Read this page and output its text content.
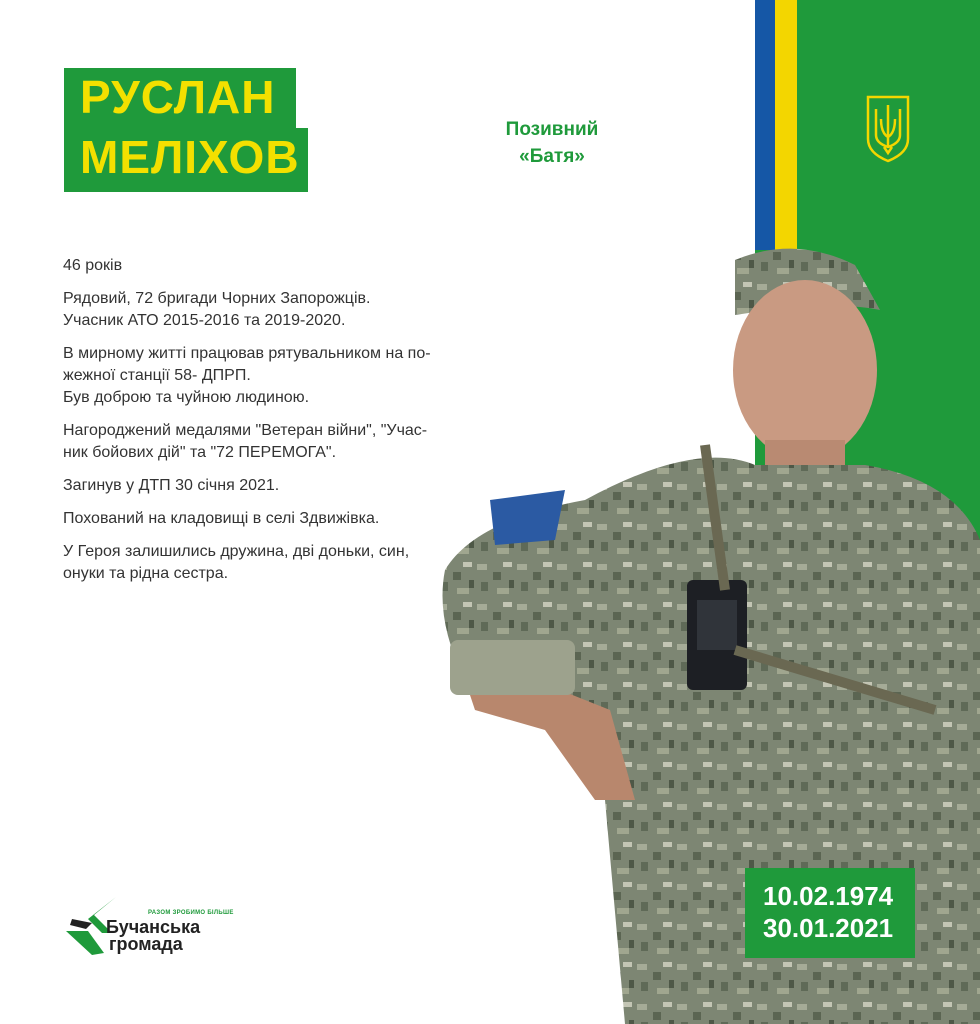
РУСЛАН
МЕЛІХОВ
Позивний
«Батя»

46 років

Рядовий, 72 бригади Чорних Запорожців.
Учасник АТО 2015-2016 та 2019-2020.

В мирному житті працював рятувальником на по-
жежної станції 58- ДПРП.
Був доброю та чуйною людиною.

Нагороджений медалями "Ветеран війни", "Учас-
ник бойових дій" та "72 ПЕРЕМОГА".

Загинув у ДТП 30 січня 2021.

Похований на кладовищі в селі Здвижівка.

У Героя залишились дружина, дві доньки, син,
онуки та рідна сестра.

10.02.1974
30.01.2021
РАЗОМ ЗРОБИМО БІЛЬШЕ
Бучанська
громада
